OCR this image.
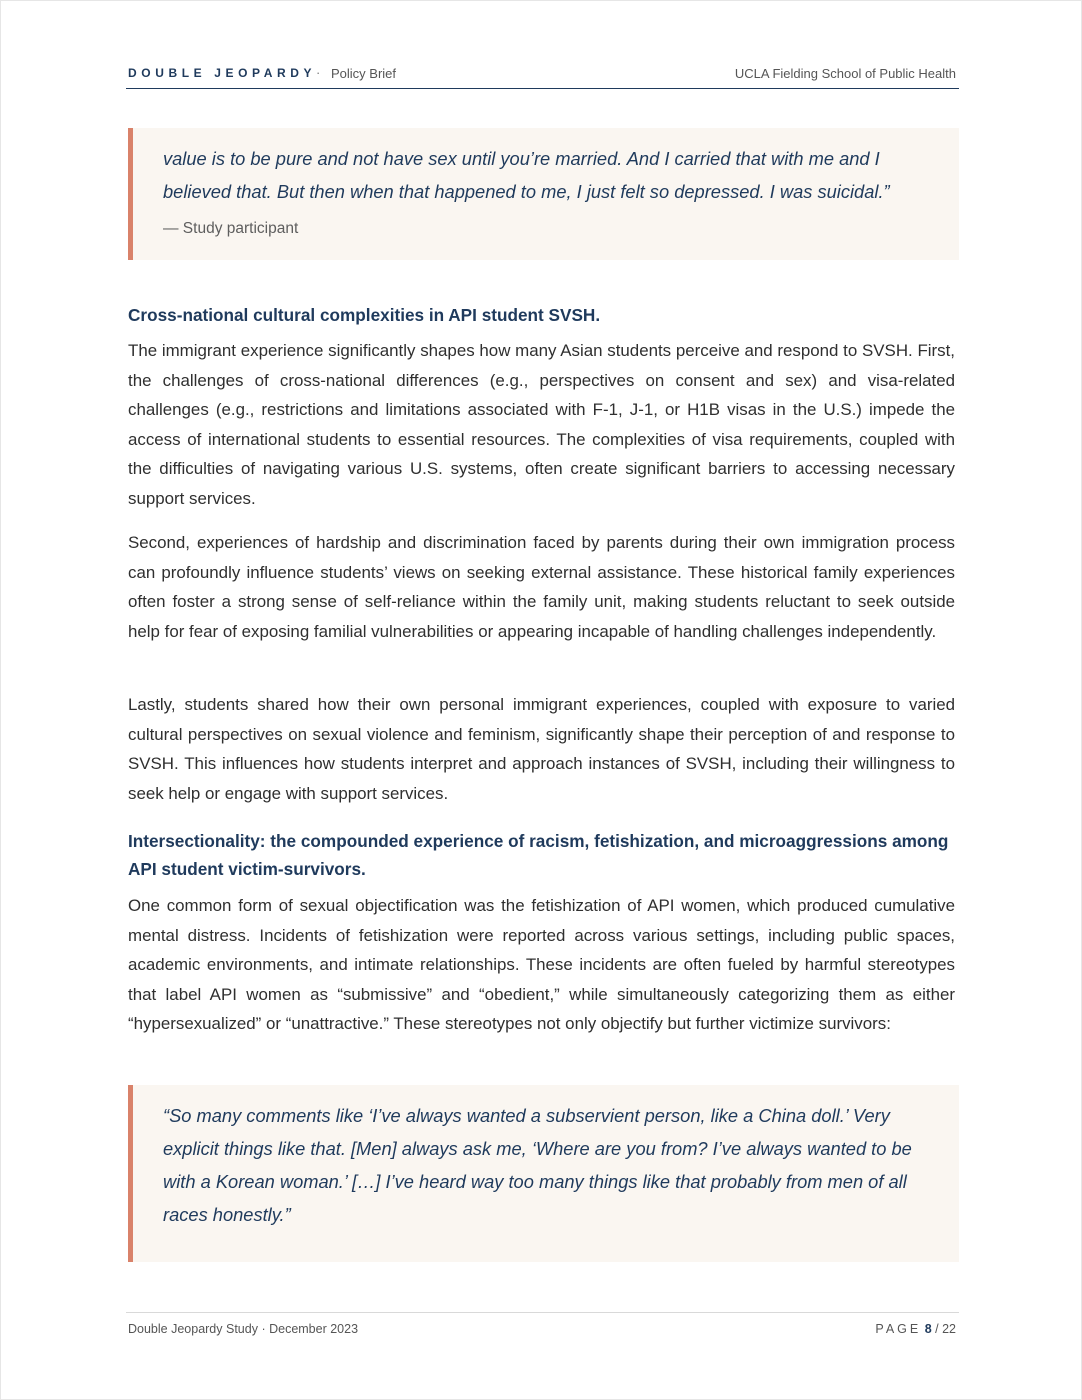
DOUBLE JEOPARDY · Policy Brief	UCLA Fielding School of Public Health
value is to be pure and not have sex until you’re married. And I carried that with me and I believed that. But then when that happened to me, I just felt so depressed. I was suicidal.”
— Study participant
Cross-national cultural complexities in API student SVSH.
The immigrant experience significantly shapes how many Asian students perceive and respond to SVSH. First, the challenges of cross-national differences (e.g., perspectives on consent and sex) and visa-related challenges (e.g., restrictions and limitations associated with F-1, J-1, or H1B visas in the U.S.) impede the access of international students to essential resources. The complexities of visa requirements, coupled with the difficulties of navigating various U.S. systems, often create significant barriers to accessing necessary support services.
Second, experiences of hardship and discrimination faced by parents during their own immigration process can profoundly influence students’ views on seeking external assistance. These historical family experiences often foster a strong sense of self-reliance within the family unit, making students reluctant to seek outside help for fear of exposing familial vulnerabilities or appearing incapable of handling challenges independently.
Lastly, students shared how their own personal immigrant experiences, coupled with exposure to varied cultural perspectives on sexual violence and feminism, significantly shape their perception of and response to SVSH. This influences how students interpret and approach instances of SVSH, including their willingness to seek help or engage with support services.
Intersectionality: the compounded experience of racism, fetishization, and microaggressions among API student victim-survivors.
One common form of sexual objectification was the fetishization of API women, which produced cumulative mental distress. Incidents of fetishization were reported across various settings, including public spaces, academic environments, and intimate relationships. These incidents are often fueled by harmful stereotypes that label API women as “submissive” and “obedient,” while simultaneously categorizing them as either “hypersexualized” or “unattractive.” These stereotypes not only objectify but further victimize survivors:
“So many comments like ‘I’ve always wanted a subservient person, like a China doll.’ Very explicit things like that. [Men] always ask me, ‘Where are you from? I’ve always wanted to be with a Korean woman.’ […] I’ve heard way too many things like that probably from men of all races honestly.”
Double Jeopardy Study · December 2023	PAGE 8 / 22
